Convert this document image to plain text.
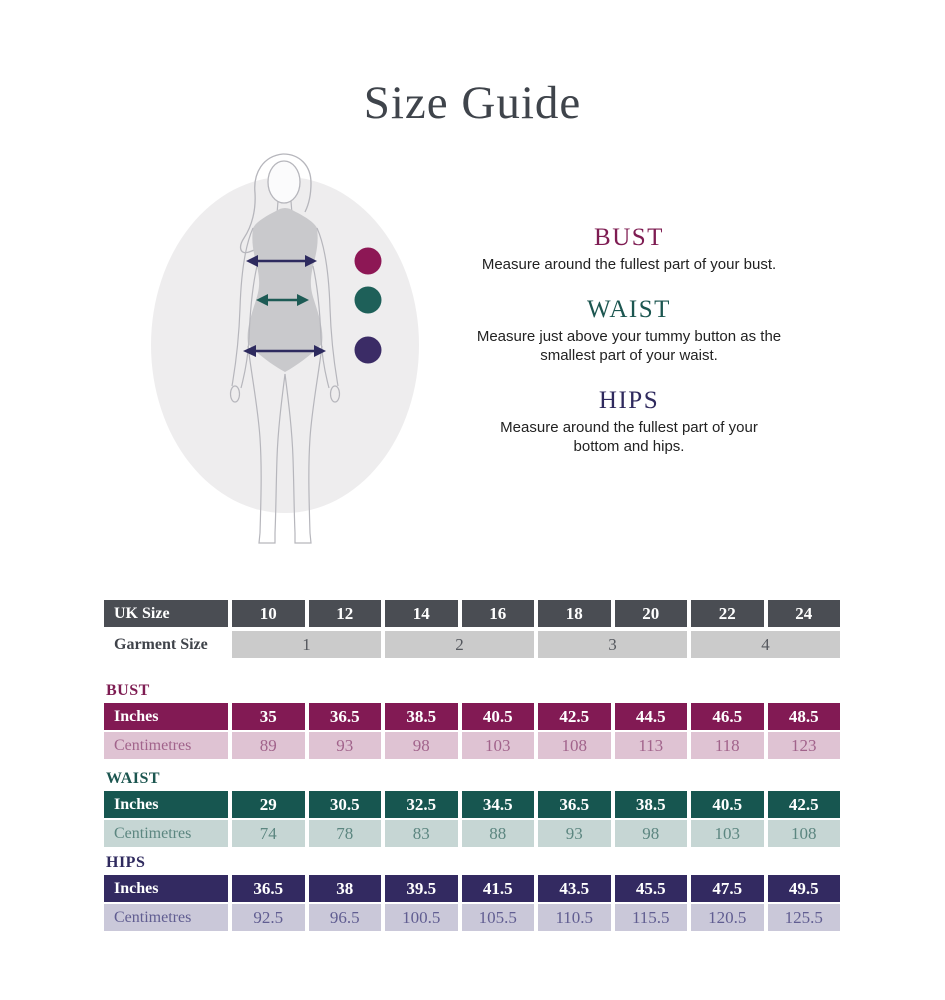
Size Guide
BUST
Measure around the fullest part of your bust.
WAIST
Measure just above your tummy button as the
smallest part of your waist.
HIPS
Measure around the fullest part of your
bottom and hips.
UK Size	10	12	14	16	18	20	22	24
Garment Size	1	2	3	4
BUST
Inches	35	36.5	38.5	40.5	42.5	44.5	46.5	48.5
Centimetres	89	93	98	103	108	113	118	123
WAIST
Inches	29	30.5	32.5	34.5	36.5	38.5	40.5	42.5
Centimetres	74	78	83	88	93	98	103	108
HIPS
Inches	36.5	38	39.5	41.5	43.5	45.5	47.5	49.5
Centimetres	92.5	96.5	100.5	105.5	110.5	115.5	120.5	125.5
